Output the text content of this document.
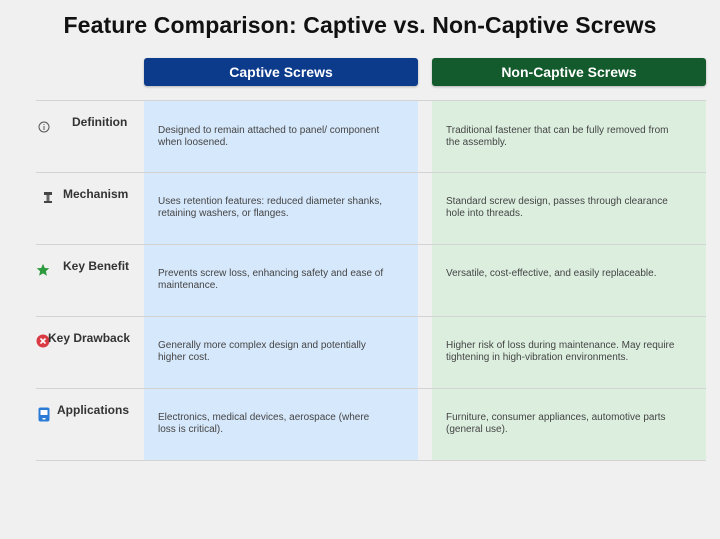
Feature Comparison: Captive vs. Non-Captive Screws
Captive Screws	Non-Captive Screws
Definition
Designed to remain attached to panel/ component when loosened.
Traditional fastener that can be fully removed from the assembly.
Mechanism
Uses retention features: reduced diameter shanks, retaining washers, or flanges.
Standard screw design, passes through clearance hole into threads.
Key Benefit
Prevents screw loss, enhancing safety and ease of maintenance.
Versatile, cost-effective, and easily replaceable.
Key Drawback
Generally more complex design and potentially higher cost.
Higher risk of loss during maintenance. May require tightening in high-vibration environments.
Applications
Electronics, medical devices, aerospace (where loss is critical).
Furniture, consumer appliances, automotive parts (general use).
